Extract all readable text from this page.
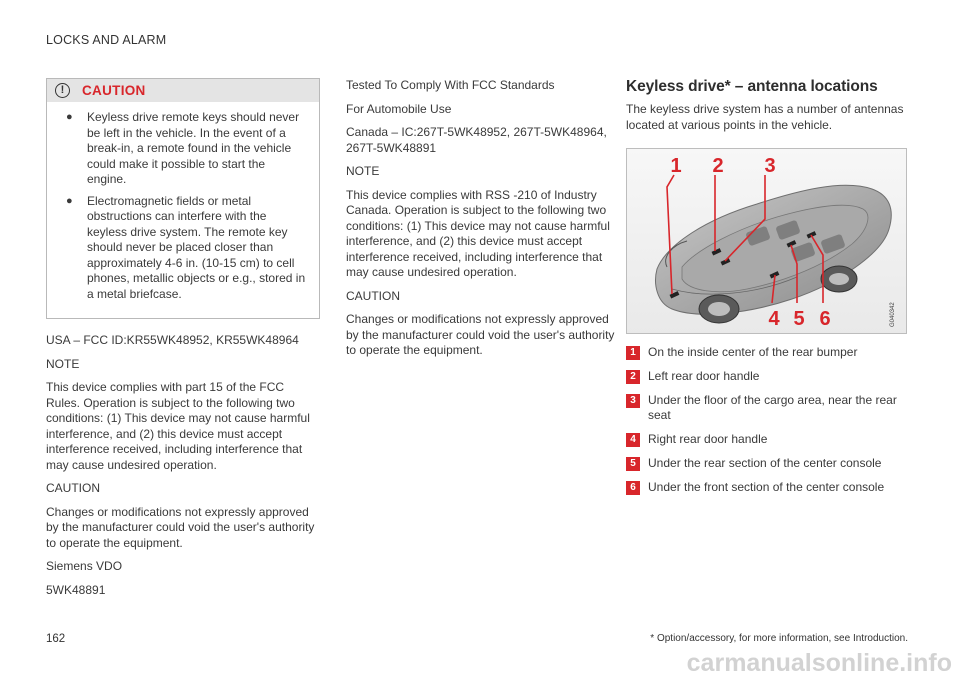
LOCKS AND ALARM
!	CAUTION
●	Keyless drive remote keys should never be left in the vehicle. In the event of a break-in, a remote found in the vehicle could make it possible to start the engine.
●	Electromagnetic fields or metal obstructions can interfere with the keyless drive system. The remote key should never be placed closer than approximately 4-6 in. (10-15 cm) to cell phones, metallic objects or e.g., stored in a metal briefcase.

USA – FCC ID:KR55WK48952, KR55WK48964

NOTE

This device complies with part 15 of the FCC Rules. Operation is subject to the following two conditions: (1) This device may not cause harmful interference, and (2) this device must accept interference received, including interference that may cause undesired operation.

CAUTION

Changes or modifications not expressly approved by the manufacturer could void the user's authority to operate the equipment.

Siemens VDO

5WK48891

Tested To Comply With FCC Standards

For Automobile Use

Canada – IC:267T-5WK48952, 267T-5WK48964, 267T-5WK48891

NOTE

This device complies with RSS -210 of Industry Canada. Operation is subject to the following two conditions: (1) This device may not cause harmful interference, and (2) this device must accept interference received, including interference that may cause undesired operation.

CAUTION

Changes or modifications not expressly approved by the manufacturer could void the user's authority to operate the equipment.

Keyless drive* – antenna locations

The keyless drive system has a number of antennas located at various points in the vehicle.

1 2 3
4 5 6	G040342
1	On the inside center of the rear bumper
2	Left rear door handle
3	Under the floor of the cargo area, near the rear seat
4	Right rear door handle
5	Under the rear section of the center console
6	Under the front section of the center console
162	* Option/accessory, for more information, see Introduction.
carmanualsonline.info
